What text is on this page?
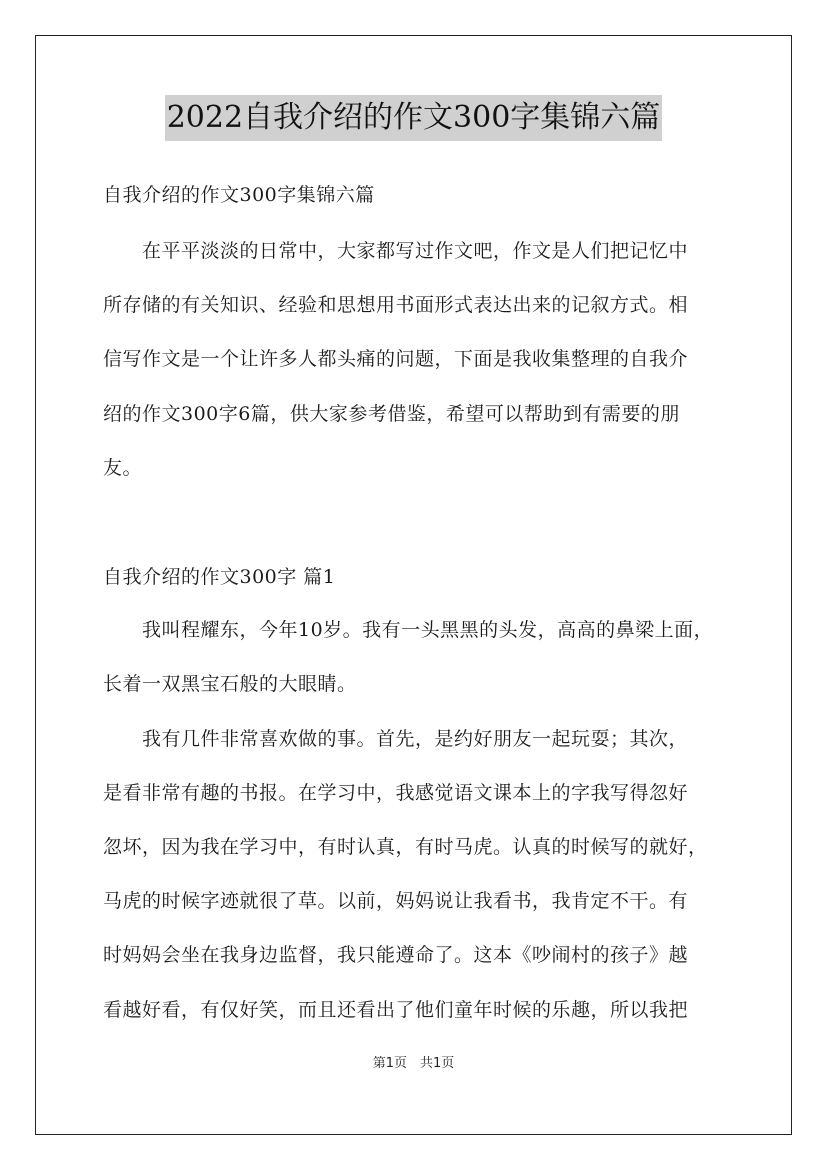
2022自我介绍的作文300字集锦六篇
自我介绍的作文300字集锦六篇
　　在平平淡淡的日常中，大家都写过作文吧，作文是人们把记忆中
所存储的有关知识、经验和思想用书面形式表达出来的记叙方式。相
信写作文是一个让许多人都头痛的问题，下面是我收集整理的自我介
绍的作文300字6篇，供大家参考借鉴，希望可以帮助到有需要的朋
友。
自我介绍的作文300字 篇1
　　我叫程耀东，今年10岁。我有一头黑黑的头发，高高的鼻梁上面，
长着一双黑宝石般的大眼睛。
　　我有几件非常喜欢做的事。首先，是约好朋友一起玩耍；其次，
是看非常有趣的书报。在学习中，我感觉语文课本上的字我写得忽好
忽坏，因为我在学习中，有时认真，有时马虎。认真的时候写的就好，
马虎的时候字迹就很了草。以前，妈妈说让我看书，我肯定不干。有
时妈妈会坐在我身边监督，我只能遵命了。这本《吵闹村的孩子》越
看越好看，有仅好笑，而且还看出了他们童年时候的乐趣，所以我把
第1页　共1页
